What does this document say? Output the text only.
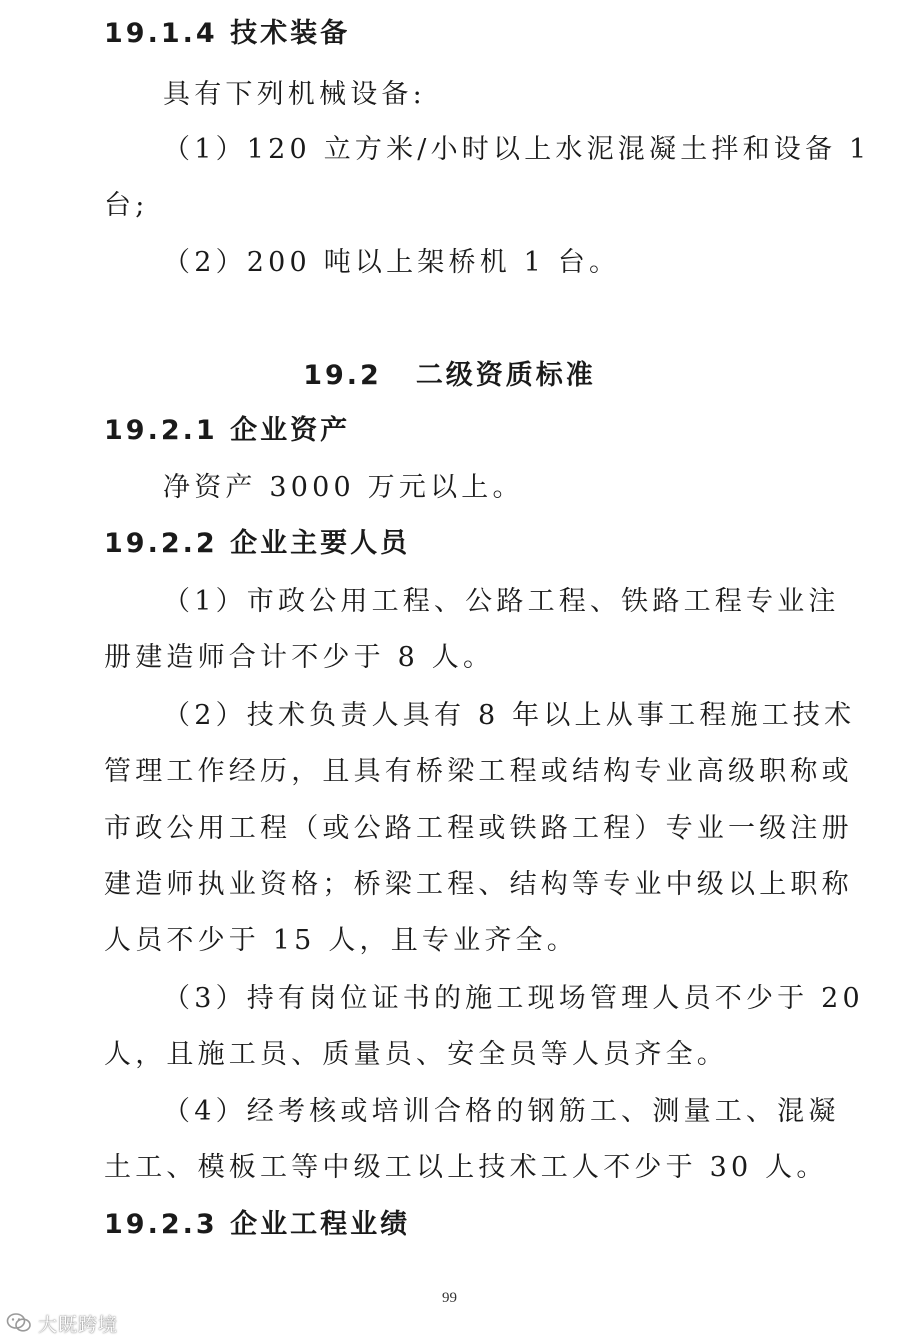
19.1.4 技术装备
具有下列机械设备:
（1）120 立方米/小时以上水泥混凝土拌和设备 1
台;
（2）200 吨以上架桥机 1 台。
19.2 二级资质标准
19.2.1 企业资产
净资产 3000 万元以上。
19.2.2 企业主要人员
（1）市政公用工程、公路工程、铁路工程专业注
册建造师合计不少于 8 人。
（2）技术负责人具有 8 年以上从事工程施工技术
管理工作经历，且具有桥梁工程或结构专业高级职称或
市政公用工程（或公路工程或铁路工程）专业一级注册
建造师执业资格；桥梁工程、结构等专业中级以上职称
人员不少于 15 人，且专业齐全。
（3）持有岗位证书的施工现场管理人员不少于 20
人，且施工员、质量员、安全员等人员齐全。
（4）经考核或培训合格的钢筋工、测量工、混凝
土工、模板工等中级工以上技术工人不少于 30 人。
19.2.3 企业工程业绩
99
大既跨境
